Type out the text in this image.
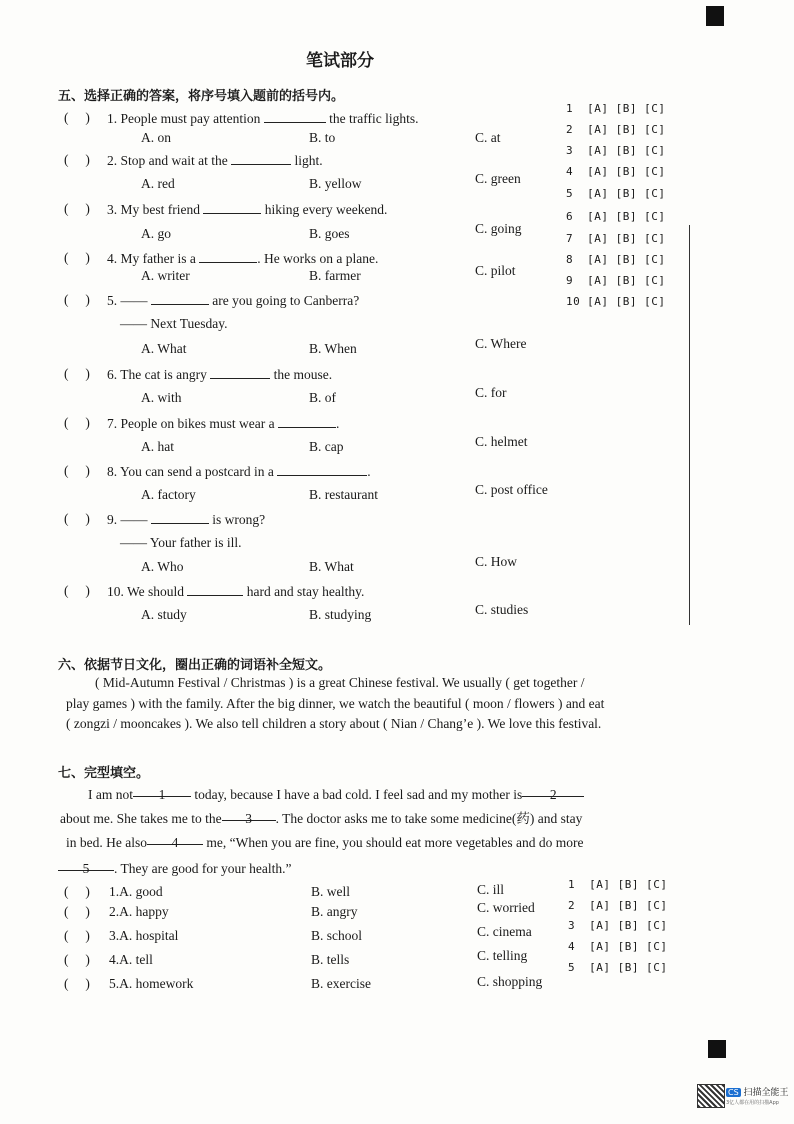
笔试部分
五、选择正确的答案，将序号填入题前的括号内。
(     ) 1. People must pay attention	the traffic lights.
A. on	B. to	C. at
(     ) 2. Stop and wait at the	light.
A. red	B. yellow	C. green
(     ) 3. My best friend	hiking every weekend.
A. go	B. goes	C. going
(     ) 4. My father is a	. He works on a plane.
A. writer	B. farmer	C. pilot
(     ) 5. ——	are you going to Canberra?
—— Next Tuesday.
A. What	B. When	C. Where
(     ) 6. The cat is angry	the mouse.
A. with	B. of	C. for
(     ) 7. People on bikes must wear a	.
A. hat	B. cap	C. helmet
(     ) 8. You can send a postcard in a	.
A. factory	B. restaurant	C. post office
(     ) 9. ——	is wrong?
—— Your father is ill.
A. Who	B. What	C. How
(     ) 10. We should	hard and stay healthy.
A. study	B. studying	C. studies
1 [A] [B] [C]
2 [A] [B] [C]
3 [A] [B] [C]
4 [A] [B] [C]
5 [A] [B] [C]
6 [A] [B] [C]
7 [A] [B] [C]
8 [A] [B] [C]
9 [A] [B] [C]
10 [A] [B] [C]
六、依据节日文化，圈出正确的词语补全短文。
( Mid-Autumn Festival / Christmas ) is a great Chinese festival. We usually ( get together /
play games ) with the family. After the big dinner, we watch the beautiful ( moon / flowers ) and eat
( zongzi / mooncakes ). We also tell children a story about ( Nian / Chang’e ). We love this festival.
七、完型填空。
I am not 1 today, because I have a bad cold. I feel sad and my mother is 2
about me. She takes me to the 3 . The doctor asks me to take some medicine(药) and stay
in bed. He also 4 me, “When you are fine, you should eat more vegetables and do more
5 . They are good for your health.”
(     ) 1.A. good	B. well	C. ill
(     ) 2.A. happy	B. angry	C. worried
(     ) 3.A. hospital	B. school	C. cinema
(     ) 4.A. tell	B. tells	C. telling
(     ) 5.A. homework	B. exercise	C. shopping
1 [A] [B] [C]
2 [A] [B] [C]
3 [A] [B] [C]
4 [A] [B] [C]
5 [A] [B] [C]
CS 扫描全能王
3亿人都在用的扫描App
